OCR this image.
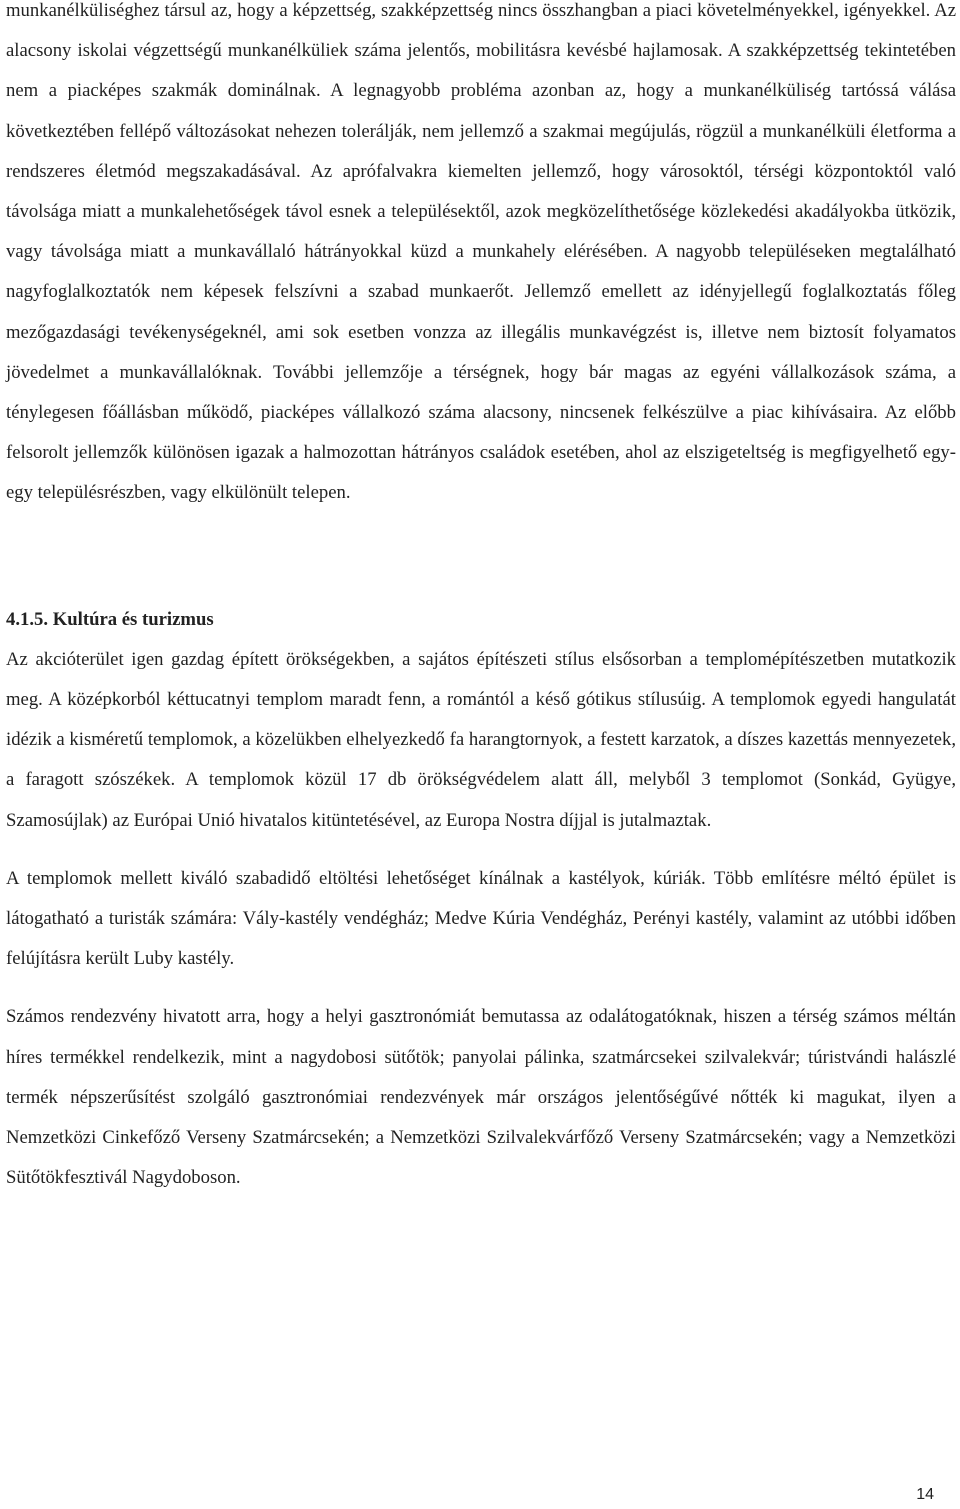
munkanélküliséghez társul az, hogy a képzettség, szakképzettség nincs összhangban a piaci követelményekkel, igényekkel. Az alacsony iskolai végzettségű munkanélküliek száma jelentős, mobilitásra kevésbé hajlamosak. A szakképzettség tekintetében nem a piacképes szakmák dominálnak. A legnagyobb probléma azonban az, hogy a munkanélküliség tartóssá válása következtében fellépő változásokat nehezen tolerálják, nem jellemző a szakmai megújulás, rögzül a munkanélküli életforma a rendszeres életmód megszakadásával. Az aprófalvakra kiemelten jellemző, hogy városoktól, térségi központoktól való távolsága miatt a munkalehetőségek távol esnek a településektől, azok megközelíthetősége közlekedési akadályokba ütközik, vagy távolsága miatt a munkavállaló hátrányokkal küzd a munkahely elérésében. A nagyobb településeken megtalálható nagyfoglalkoztatók nem képesek felszívni a szabad munkaerőt. Jellemző emellett az idényjellegű foglalkoztatás főleg mezőgazdasági tevékenységeknél, ami sok esetben vonzza az illegális munkavégzést is, illetve nem biztosít folyamatos jövedelmet a munkavállalóknak. További jellemzője a térségnek, hogy bár magas az egyéni vállalkozások száma, a ténylegesen főállásban működő, piacképes vállalkozó száma alacsony, nincsenek felkészülve a piac kihívásaira. Az előbb felsorolt jellemzők különösen igazak a halmozottan hátrányos családok esetében, ahol az elszigeteltség is megfigyelhető egy-egy településrészben, vagy elkülönült telepen.

4.1.5. Kultúra és turizmus

Az akcióterület igen gazdag épített örökségekben, a sajátos építészeti stílus elsősorban a templomépítészetben mutatkozik meg. A középkorból kéttucatnyi templom maradt fenn, a romántól a késő gótikus stílusúig. A templomok egyedi hangulatát idézik a kisméretű templomok, a közelükben elhelyezkedő fa harangtornyok, a festett karzatok, a díszes kazettás mennyezetek, a faragott szószékek. A templomok közül 17 db örökségvédelem alatt áll, melyből 3 templomot (Sonkád, Gyügye, Szamosújlak) az Európai Unió hivatalos kitüntetésével, az Europa Nostra díjjal is jutalmaztak.

A templomok mellett kiváló szabadidő eltöltési lehetőséget kínálnak a kastélyok, kúriák. Több említésre méltó épület is látogatható a turisták számára: Vály-kastély vendégház; Medve Kúria Vendégház, Perényi kastély, valamint az utóbbi időben felújításra került Luby kastély.

Számos rendezvény hivatott arra, hogy a helyi gasztronómiát bemutassa az odalátogatóknak, hiszen a térség számos méltán híres termékkel rendelkezik, mint a nagydobosi sütőtök; panyolai pálinka, szatmárcsekei szilvalekvár; túristvándi halászlé termék népszerűsítést szolgáló gasztronómiai rendezvények már országos jelentőségűvé nőtték ki magukat, ilyen a Nemzetközi Cinkefőző Verseny Szatmárcsekén; a Nemzetközi Szilvalekvárfőző Verseny Szatmárcsekén; vagy a Nemzetközi Sütőtökfesztivál Nagydoboson.

14
